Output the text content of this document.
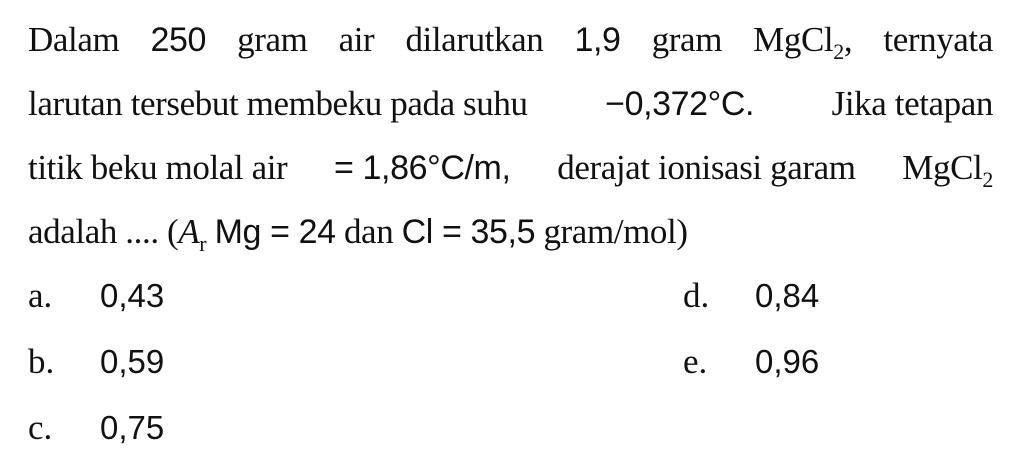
Dalam 250 gram air dilarutkan 1,9 gram MgCl$_2$, ternyata
larutan tersebut membeku pada suhu −0,372°C. Jika tetapan
titik beku molal air = 1,86°C/m, derajat ionisasi garam MgCl$_2$
adalah .... ($A_r$ Mg = 24 dan Cl = 35,5 gram/mol)
a. 0,43
b. 0,59
c. 0,75
d. 0,84
e. 0,96
